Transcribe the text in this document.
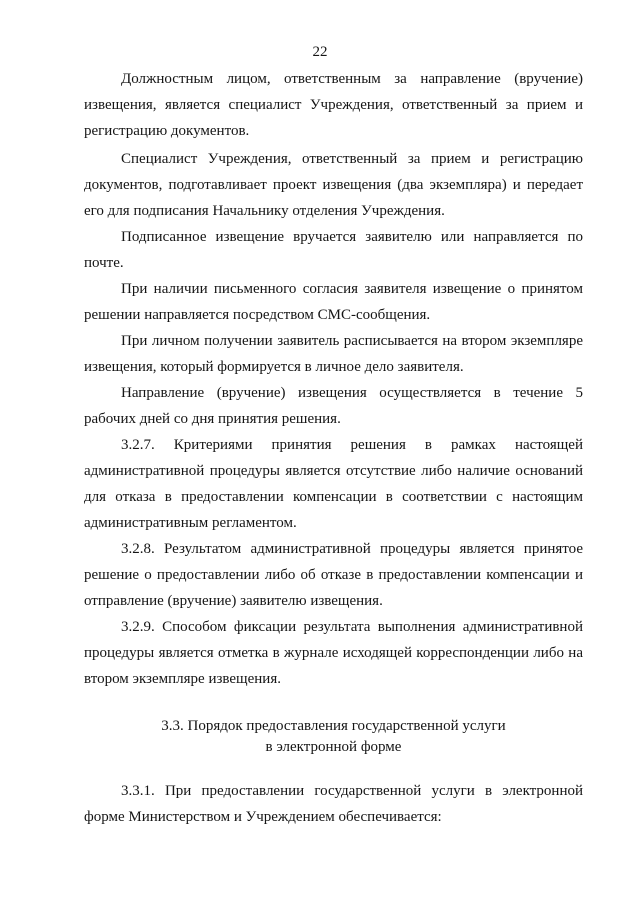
22

Должностным лицом, ответственным за направление (вручение) извещения, является специалист Учреждения, ответственный за прием и регистрацию документов.

Специалист Учреждения, ответственный за прием и регистрацию документов, подготавливает проект извещения (два экземпляра) и передает его для подписания Начальнику отделения Учреждения.

Подписанное извещение вручается заявителю или направляется по почте.

При наличии письменного согласия заявителя извещение о принятом решении направляется посредством СМС-сообщения.

При личном получении заявитель расписывается на втором экземпляре извещения, который формируется в личное дело заявителя.

Направление (вручение) извещения осуществляется в течение 5 рабочих дней со дня принятия решения.

3.2.7. Критериями принятия решения в рамках настоящей административной процедуры является отсутствие либо наличие оснований для отказа в предоставлении компенсации в соответствии с настоящим административным регламентом.

3.2.8. Результатом административной процедуры является принятое решение о предоставлении либо об отказе в предоставлении компенсации и отправление (вручение) заявителю извещения.

3.2.9. Способом фиксации результата выполнения административной процедуры является отметка в журнале исходящей корреспонденции либо на втором экземпляре извещения.

3.3. Порядок предоставления государственной услуги
в электронной форме

3.3.1. При предоставлении государственной услуги в электронной форме Министерством и Учреждением обеспечивается:
